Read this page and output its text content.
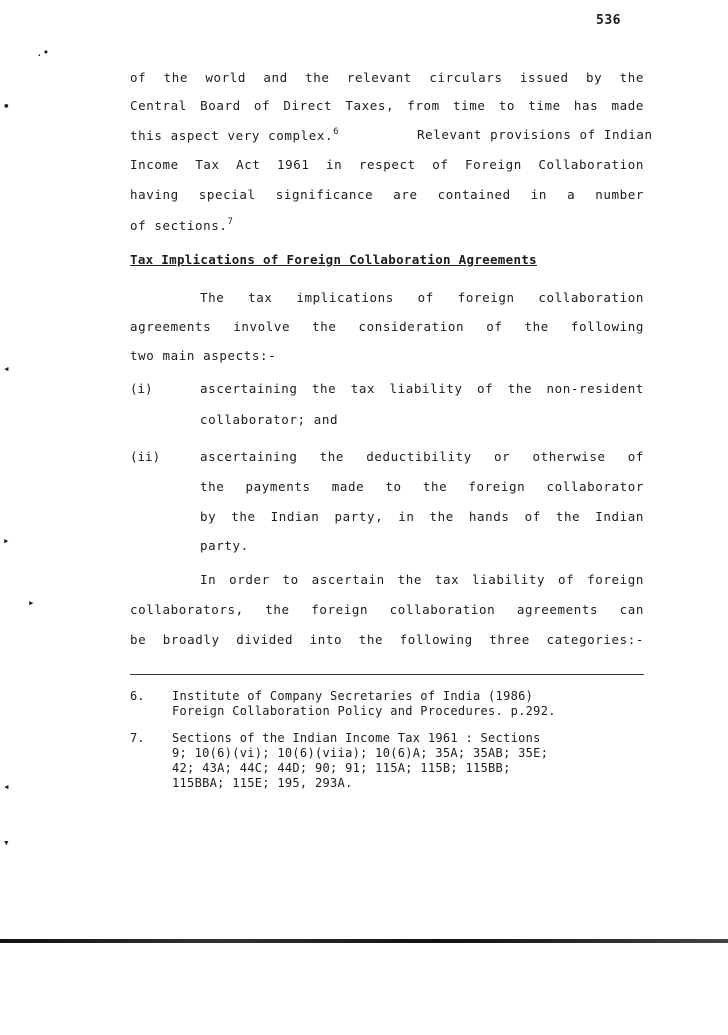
536
of the world and the relevant circulars issued by the
Central Board of Direct Taxes, from time to time has made
this aspect very complex.$^6$	Relevant provisions of Indian
Income Tax Act 1961 in respect of Foreign Collaboration
having special significance are contained in a number
of sections.$^7$
Tax Implications of Foreign Collaboration Agreements
The tax implications of foreign collaboration
agreements involve the consideration of the following
two main aspects:-
(i)	ascertaining the tax liability of the non-resident
collaborator; and
(ii)	ascertaining the deductibility or otherwise of
the payments made to the foreign collaborator
by the Indian party, in the hands of the Indian
party.
In order to ascertain the tax liability of foreign
collaborators, the foreign collaboration agreements can
be broadly divided into the following three categories:-
6. Institute of Company Secretaries of India (1986)
Foreign Collaboration Policy and Procedures. p.292.
7. Sections of the Indian Income Tax 1961 : Sections
9; 10(6)(vi); 10(6)(viia); 10(6)A; 35A; 35AB; 35E;
42; 43A; 44C; 44D; 90; 91; 115A; 115B; 115BB;
115BBA; 115E; 195, 293A.
.•
•
◂
▸
▸
◂
▾
